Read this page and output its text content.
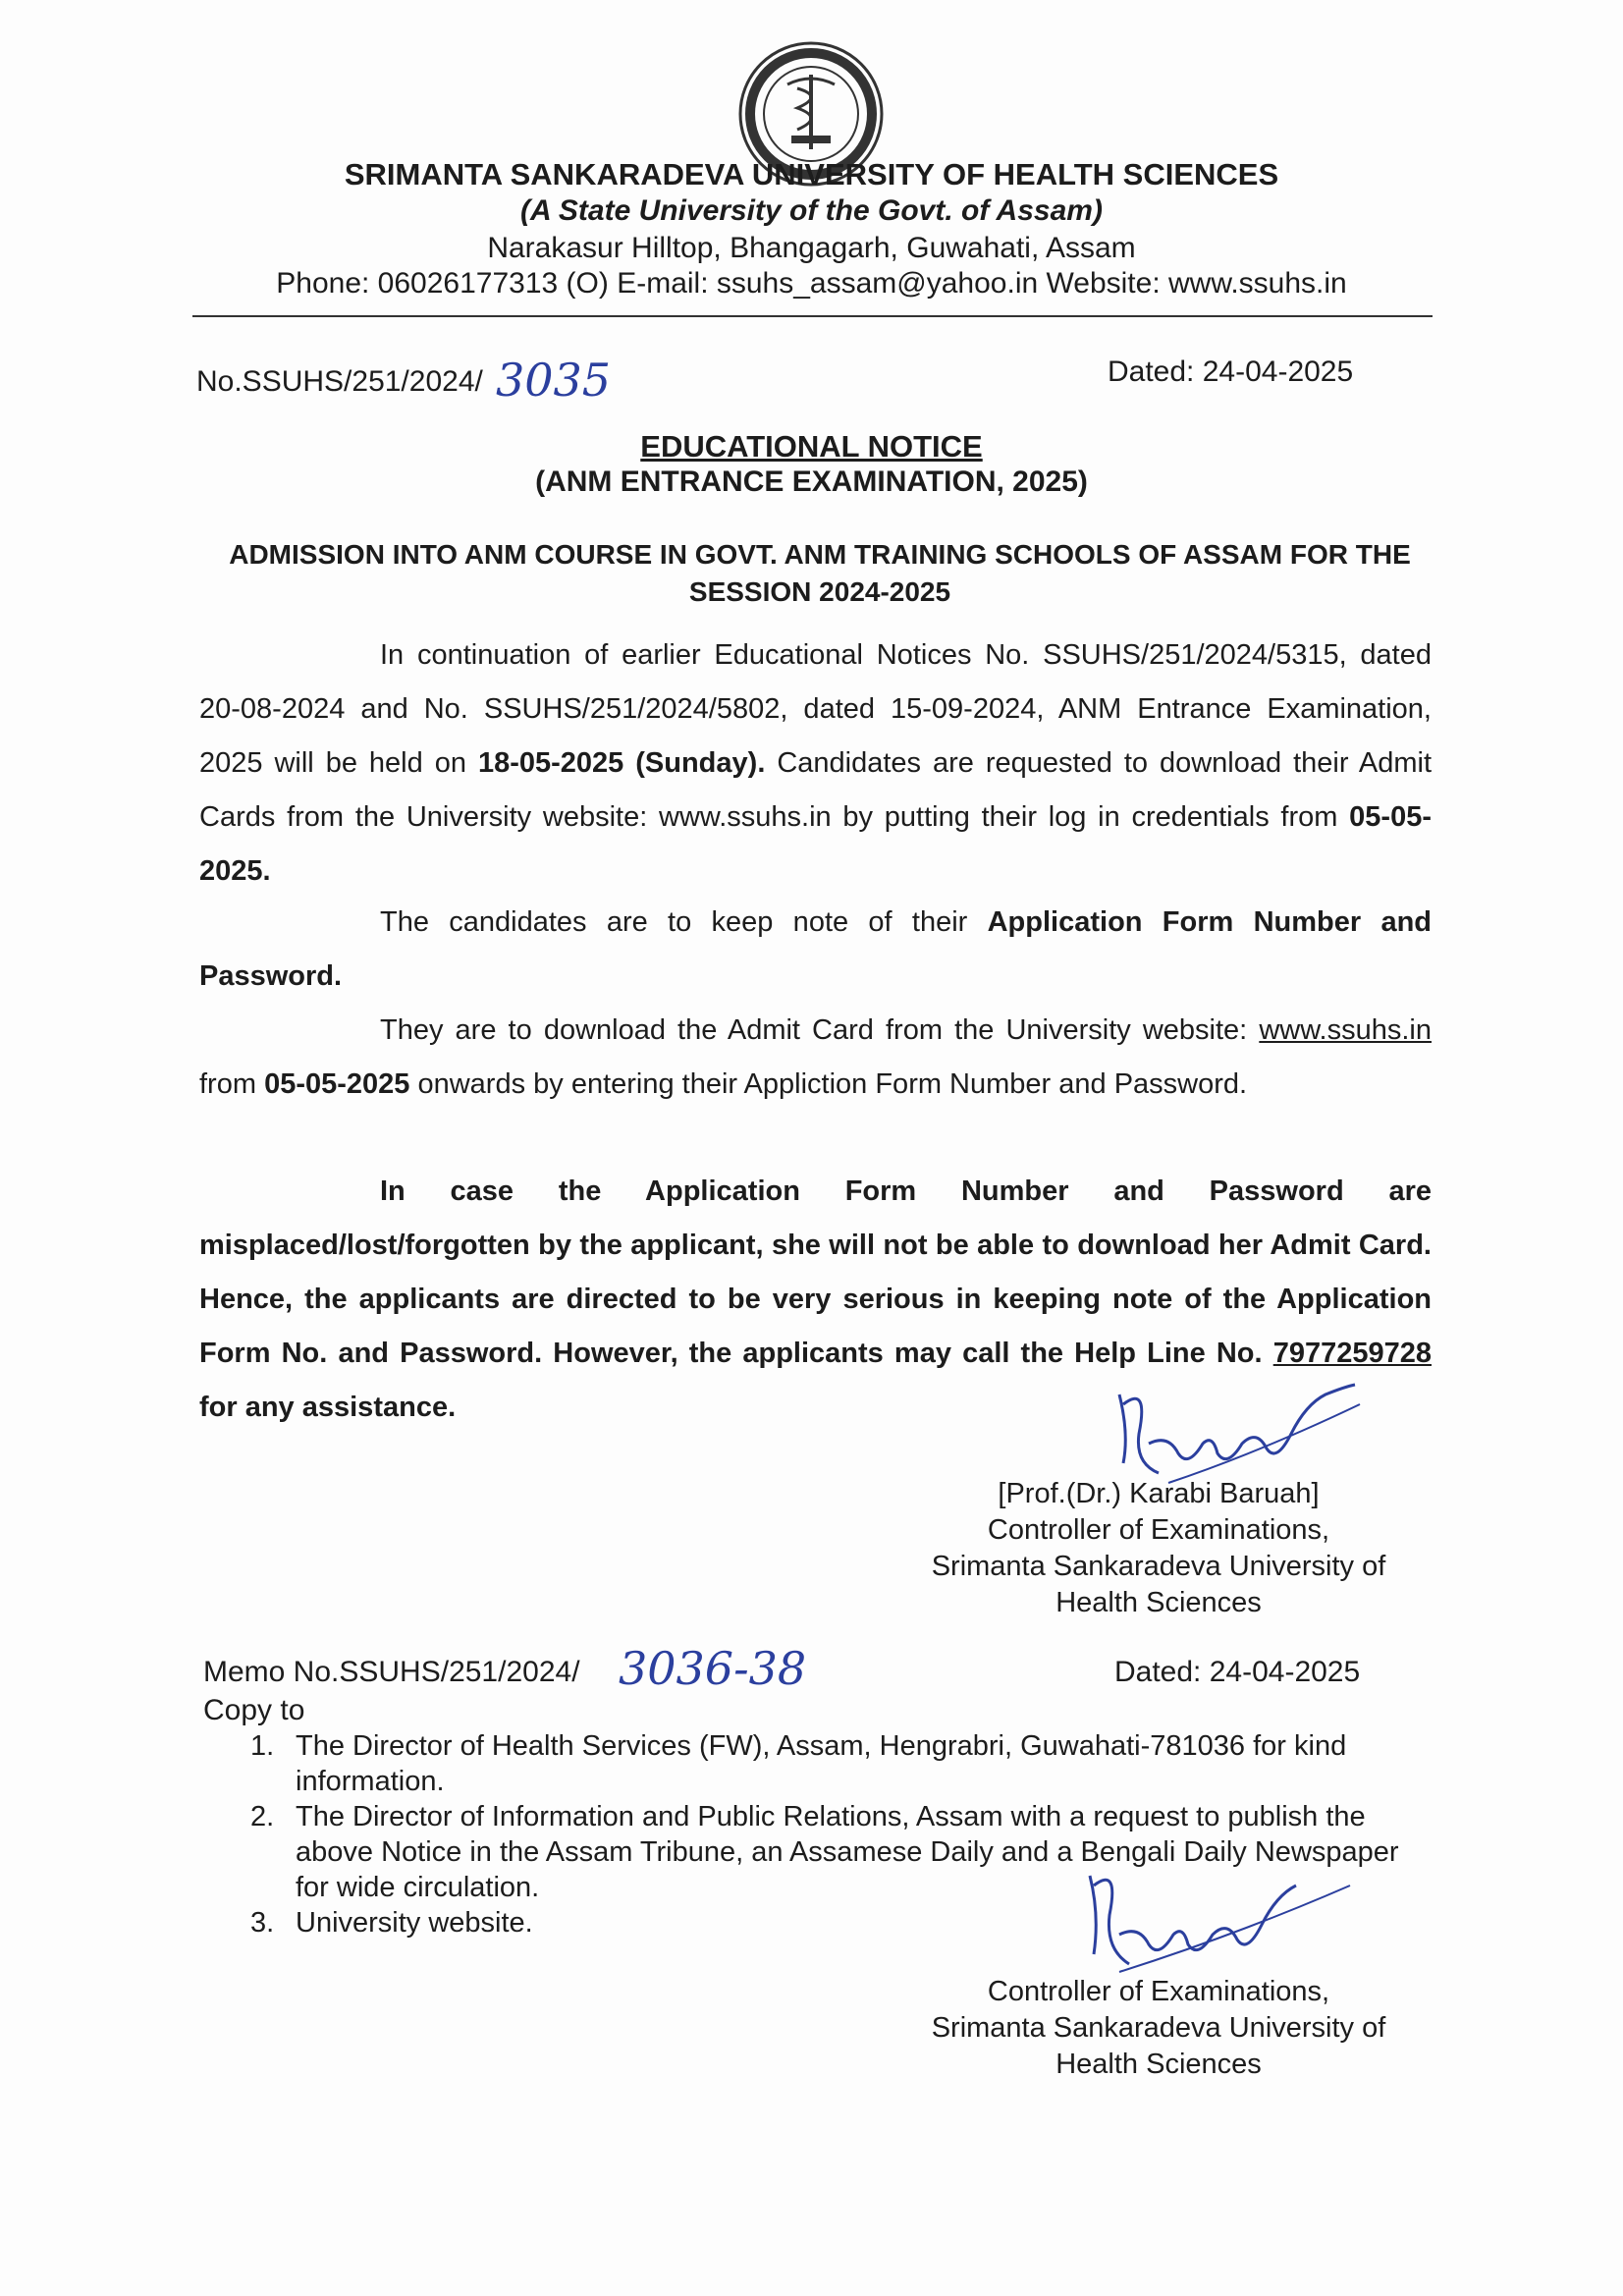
SRIMANTA SANKARADEVA UNIVERSITY OF HEALTH SCIENCES
(A State University of the Govt. of Assam)
Narakasur Hilltop, Bhangagarh, Guwahati, Assam
Phone: 06026177313 (O) E-mail: ssuhs_assam@yahoo.in Website: www.ssuhs.in
No.SSUHS/251/2024/ 3035	Dated: 24-04-2025
EDUCATIONAL NOTICE
(ANM ENTRANCE EXAMINATION, 2025)
ADMISSION INTO ANM COURSE IN GOVT. ANM TRAINING SCHOOLS OF ASSAM FOR THE SESSION 2024-2025
In continuation of earlier Educational Notices No. SSUHS/251/2024/5315, dated 20-08-2024 and No. SSUHS/251/2024/5802, dated 15-09-2024, ANM Entrance Examination, 2025 will be held on 18-05-2025 (Sunday). Candidates are requested to download their Admit Cards from the University website: www.ssuhs.in by putting their log in credentials from 05-05-2025.
The candidates are to keep note of their Application Form Number and Password.
They are to download the Admit Card from the University website: www.ssuhs.in from 05-05-2025 onwards by entering their Appliction Form Number and Password.
In case the Application Form Number and Password are misplaced/lost/forgotten by the applicant, she will not be able to download her Admit Card. Hence, the applicants are directed to be very serious in keeping note of the Application Form No. and Password. However, the applicants may call the Help Line No. 7977259728 for any assistance.
[Prof.(Dr.) Karabi Baruah]
Controller of Examinations,
Srimanta Sankaradeva University of
Health Sciences
Memo No.SSUHS/251/2024/ 3036-38	Dated: 24-04-2025
Copy to
1. The Director of Health Services (FW), Assam, Hengrabri, Guwahati-781036 for kind information.
2. The Director of Information and Public Relations, Assam with a request to publish the above Notice in the Assam Tribune, an Assamese Daily and a Bengali Daily Newspaper for wide circulation.
3. University website.
Controller of Examinations,
Srimanta Sankaradeva University of
Health Sciences
